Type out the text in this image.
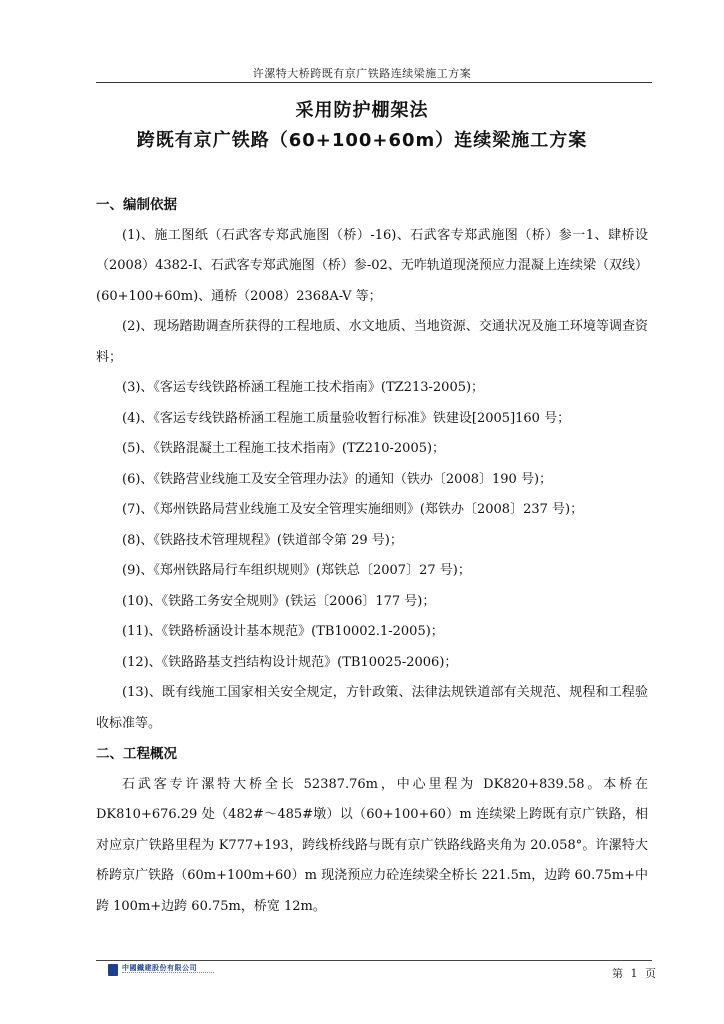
许漯特大桥跨既有京广铁路连续梁施工方案
采用防护棚架法
跨既有京广铁路（60+100+60m）连续梁施工方案
一、编制依据

(1)、施工图纸（石武客专郑武施图（桥）-16)、石武客专郑武施图（桥）参一1、肆桥设（2008）4382-I、石武客专郑武施图（桥）参-02、无咋轨道现浇预应力混凝上连续梁（双线）(60+100+60m)、通桥（2008）2368A-V 等；

(2)、现场踏勘调查所获得的工程地质、水文地质、当地资源、交通状况及施工环境等调查资料；

(3)、《客运专线铁路桥涵工程施工技术指南》(TZ213-2005)；

(4)、《客运专线铁路桥涵工程施工质量验收暂行标准》铁建设[2005]160 号；

(5)、《铁路混凝土工程施工技术指南》(TZ210-2005)；

(6)、《铁路营业线施工及安全管理办法》的通知（铁办〔2008〕190 号)；

(7)、《郑州铁路局营业线施工及安全管理实施细则》(郑铁办〔2008〕237 号)；

(8)、《铁路技术管理规程》(铁道部令第 29 号)；

(9)、《郑州铁路局行车组织规则》(郑铁总〔2007〕27 号)；

(10)、《铁路工务安全规则》(铁运〔2006〕177 号)；

(11)、《铁路桥涵设计基本规范》(TB10002.1-2005)；

(12)、《铁路路基支挡结构设计规范》(TB10025-2006)；

(13)、既有线施工国家相关安全规定，方针政策、法律法规铁道部有关规范、规程和工程验收标准等。

二、工程概况

石武客专许漯特大桥全长 52387.76m，中心里程为 DK820+839.58。本桥在 DK810+676.29 处（482#～485#墩）以（60+100+60）m 连续梁上跨既有京广铁路，相对应京广铁路里程为 K777+193，跨线桥线路与既有京广铁路线路夹角为 20.058°。许漯特大桥跨京广铁路（60m+100m+60）m 现浇预应力砼连续梁全桥长 221.5m，边跨 60.75m+中跨 100m+边跨 60.75m，桥宽 12m。

中國鐵建股份有限公司	第 1 页
